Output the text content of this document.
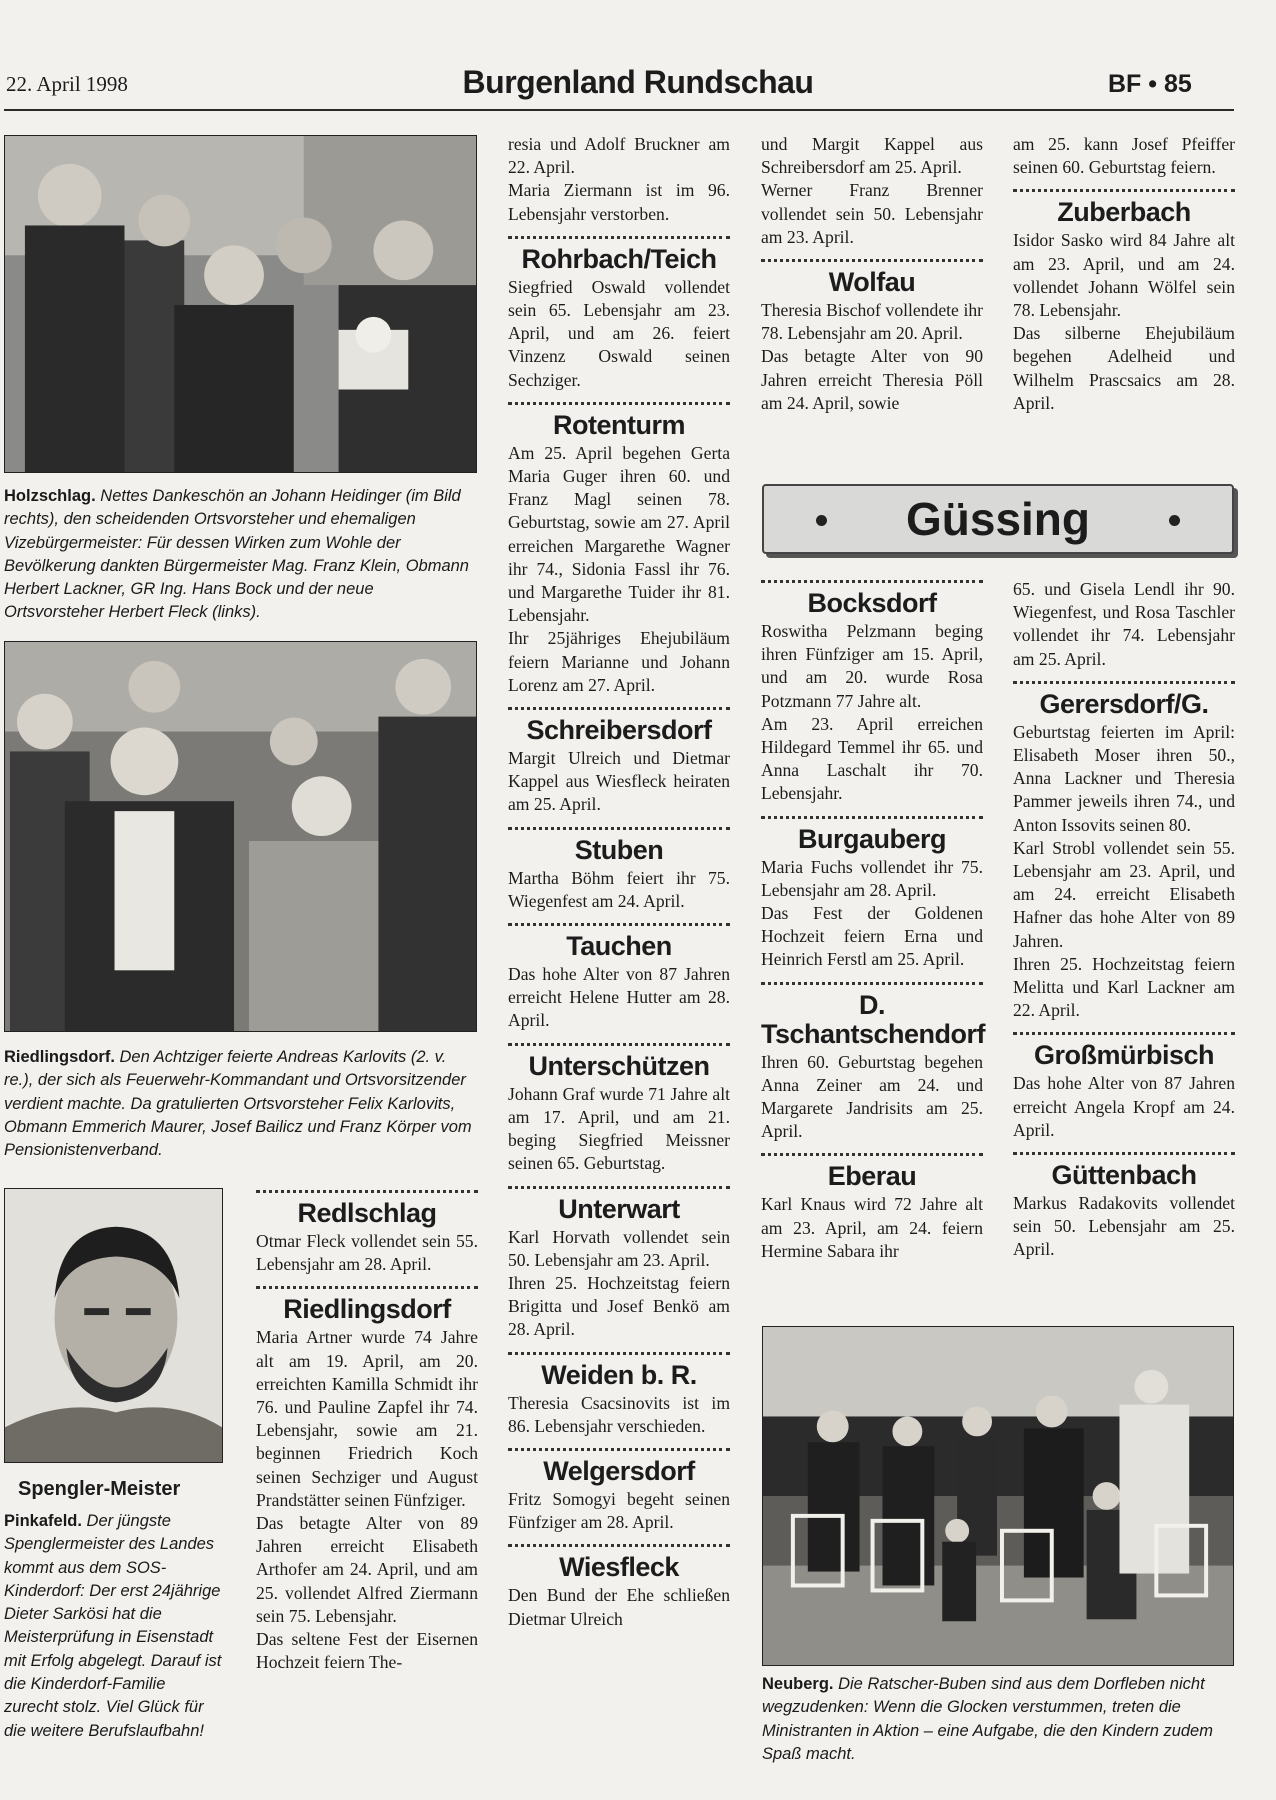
22. April 1998	Burgenland Rundschau	BF • 85
Holzschlag. Nettes Dankeschön an Johann Heidinger (im Bild rechts), den scheidenden Ortsvorsteher und ehemaligen Vizebürgermeister: Für dessen Wirken zum Wohle der Bevölkerung dankten Bürgermeister Mag. Franz Klein, Obmann Herbert Lackner, GR Ing. Hans Bock und der neue Ortsvorsteher Herbert Fleck (links).
Riedlingsdorf. Den Achtziger feierte Andreas Karlovits (2. v. re.), der sich als Feuerwehr-Kommandant und Ortsvorsitzender verdient machte. Da gratulierten Ortsvorsteher Felix Karlovits, Obmann Emmerich Maurer, Josef Bailicz und Franz Körper vom Pensionistenverband.
Spengler-Meister
Pinkafeld. Der jüngste Spenglermeister des Landes kommt aus dem SOS-Kinderdorf: Der erst 24jährige Dieter Sarkösi hat die Meisterprüfung in Eisenstadt mit Erfolg abgelegt. Darauf ist die Kinderdorf-Familie zurecht stolz. Viel Glück für die weitere Berufslaufbahn!
Redlschlag
Otmar Fleck vollendet sein 55. Lebensjahr am 28. April.
Riedlingsdorf
Maria Artner wurde 74 Jahre alt am 19. April, am 20. erreichten Kamilla Schmidt ihr 76. und Pauline Zapfel ihr 74. Lebensjahr, sowie am 21. beginnen Friedrich Koch seinen Sechziger und August Prandstätter seinen Fünfziger.
Das betagte Alter von 89 Jahren erreicht Elisabeth Arthofer am 24. April, und am 25. vollendet Alfred Ziermann sein 75. Lebensjahr.
Das seltene Fest der Eisernen Hochzeit feiern The-
resia und Adolf Bruckner am 22. April.
Maria Ziermann ist im 96. Lebensjahr verstorben.
Rohrbach/Teich
Siegfried Oswald vollendet sein 65. Lebensjahr am 23. April, und am 26. feiert Vinzenz Oswald seinen Sechziger.
Rotenturm
Am 25. April begehen Gerta Maria Guger ihren 60. und Franz Magl seinen 78. Geburtstag, sowie am 27. April erreichen Margarethe Wagner ihr 74., Sidonia Fassl ihr 76. und Margarethe Tuider ihr 81. Lebensjahr.
Ihr 25jähriges Ehejubiläum feiern Marianne und Johann Lorenz am 27. April.
Schreibersdorf
Margit Ulreich und Dietmar Kappel aus Wiesfleck heiraten am 25. April.
Stuben
Martha Böhm feiert ihr 75. Wiegenfest am 24. April.
Tauchen
Das hohe Alter von 87 Jahren erreicht Helene Hutter am 28. April.
Unterschützen
Johann Graf wurde 71 Jahre alt am 17. April, und am 21. beging Siegfried Meissner seinen 65. Geburtstag.
Unterwart
Karl Horvath vollendet sein 50. Lebensjahr am 23. April.
Ihren 25. Hochzeitstag feiern Brigitta und Josef Benkö am 28. April.
Weiden b. R.
Theresia Csacsinovits ist im 86. Lebensjahr verschieden.
Welgersdorf
Fritz Somogyi begeht seinen Fünfziger am 28. April.
Wiesfleck
Den Bund der Ehe schließen Dietmar Ulreich
und Margit Kappel aus Schreibersdorf am 25. April.
Werner Franz Brenner vollendet sein 50. Lebensjahr am 23. April.
Wolfau
Theresia Bischof vollendete ihr 78. Lebensjahr am 20. April.
Das betagte Alter von 90 Jahren erreicht Theresia Pöll am 24. April, sowie
am 25. kann Josef Pfeiffer seinen 60. Geburtstag feiern.
Zuberbach
Isidor Sasko wird 84 Jahre alt am 23. April, und am 24. vollendet Johann Wölfel sein 78. Lebensjahr.
Das silberne Ehejubiläum begehen Adelheid und Wilhelm Prascsaics am 28. April.
Güssing
Bocksdorf
Roswitha Pelzmann beging ihren Fünfziger am 15. April, und am 20. wurde Rosa Potzmann 77 Jahre alt.
Am 23. April erreichen Hildegard Temmel ihr 65. und Anna Laschalt ihr 70. Lebensjahr.
Burgauberg
Maria Fuchs vollendet ihr 75. Lebensjahr am 28. April.
Das Fest der Goldenen Hochzeit feiern Erna und Heinrich Ferstl am 25. April.
D. Tschantschendorf
Ihren 60. Geburtstag begehen Anna Zeiner am 24. und Margarete Jandrisits am 25. April.
Eberau
Karl Knaus wird 72 Jahre alt am 23. April, am 24. feiern Hermine Sabara ihr
65. und Gisela Lendl ihr 90. Wiegenfest, und Rosa Taschler vollendet ihr 74. Lebensjahr am 25. April.
Gerersdorf/G.
Geburtstag feierten im April: Elisabeth Moser ihren 50., Anna Lackner und Theresia Pammer jeweils ihren 74., und Anton Issovits seinen 80.
Karl Strobl vollendet sein 55. Lebensjahr am 23. April, und am 24. erreicht Elisabeth Hafner das hohe Alter von 89 Jahren.
Ihren 25. Hochzeitstag feiern Melitta und Karl Lackner am 22. April.
Großmürbisch
Das hohe Alter von 87 Jahren erreicht Angela Kropf am 24. April.
Güttenbach
Markus Radakovits vollendet sein 50. Lebensjahr am 25. April.
Neuberg. Die Ratscher-Buben sind aus dem Dorfleben nicht wegzudenken: Wenn die Glocken verstummen, treten die Ministranten in Aktion – eine Aufgabe, die den Kindern zudem Spaß macht.
